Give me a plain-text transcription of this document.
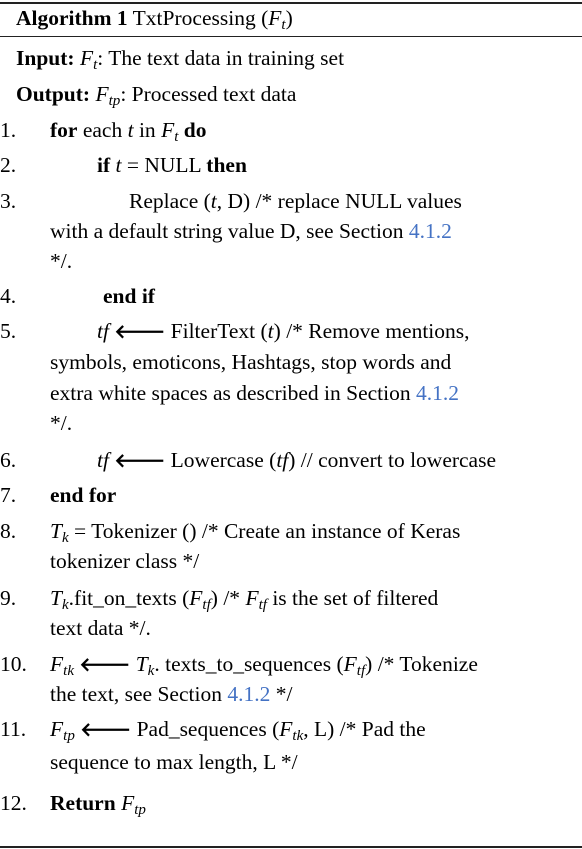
Algorithm 1 TxtProcessing $(F_t)$
Input: $F_t$: The text data in training set
Output: $F_{tp}$: Processed text data
1.
2.
3.
4.
5.
6.
7.
8.
9.
10.
11.
12.
for each t in $F_t$ do
if t = NULL then
Replace (t, D) /* replace NULL values
with a default string value D, see Section 4.1.2
*/.
end if
tf 🡐 FilterText (t) /* Remove mentions,
symbols, emoticons, Hashtags, stop words and
extra white spaces as described in Section 4.1.2
*/.
tf 🡐 Lowercase (tf) // convert to lowercase
end for
$T_k$ = Tokenizer () /* Create an instance of Keras
tokenizer class */
$T_k.fit\_on\_texts$ $(F_{tf}) /* F_{tf}$ is the set of filtered
text data */.
$F_{tk}$ 🡐 $T_k$. texts_to_sequences $(F_{tf})$ /* Tokenize
the text, see Section 4.1.2 */
$F_{tp}$ 🡐 Pad_sequences ($F_{tk}$, L) /* Pad the
sequence to max length, L */
Return $F_{tp}$
